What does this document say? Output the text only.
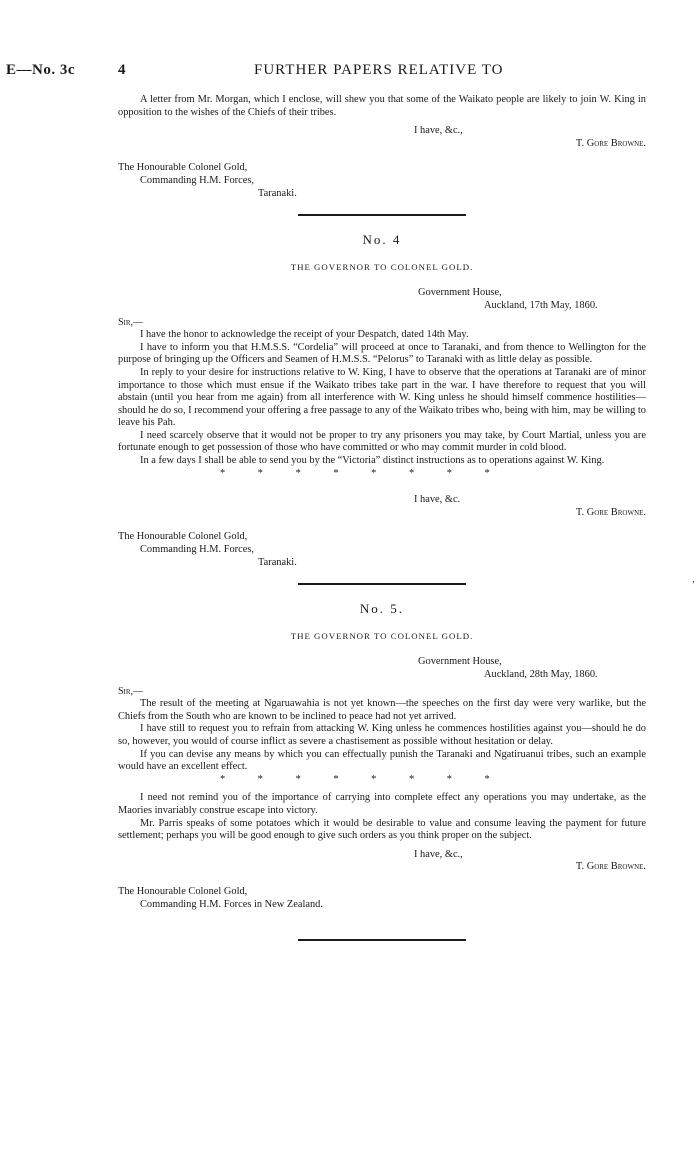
E—No. 3c	4	FURTHER PAPERS RELATIVE TO

A letter from Mr. Morgan, which I enclose, will shew you that some of the Waikato people are likely to join W. King in opposition to the wishes of the Chiefs of their tribes.

I have, &c.,
T. Gore Browne.
The Honourable Colonel Gold,
Commanding H.M. Forces,
Taranaki.
No. 4
THE GOVERNOR TO COLONEL GOLD.
Government House,
Auckland, 17th May, 1860.
Sir,—

I have the honor to acknowledge the receipt of your Despatch, dated 14th May.

I have to inform you that H.M.S.S. “Cordelia” will proceed at once to Taranaki, and from thence to Wellington for the purpose of bringing up the Officers and Seamen of H.M.S.S. “Pelorus” to Taranaki with as little delay as possible.

In reply to your desire for instructions relative to W. King, I have to observe that the operations at Taranaki are of minor importance to those which must ensue if the Waikato tribes take part in the war. I have therefore to request that you will abstain (until you hear from me again) from all interference with W. King unless he should himself commence hostilities—should he do so, I recommend your offering a free passage to any of the Waikato tribes who, being with him, may be willing to leave his Pah.

I need scarcely observe that it would not be proper to try any prisoners you may take, by Court Martial, unless you are fortunate enough to get possession of those who have committed or who may commit murder in cold blood.

In a few days I shall be able to send you by the “Victoria” distinct instructions as to operations against W. King.

* * * * * * * *
I have, &c.
T. Gore Browne.
The Honourable Colonel Gold,
Commanding H.M. Forces,
Taranaki.
No. 5.
THE GOVERNOR TO COLONEL GOLD.
Government House,
Auckland, 28th May, 1860.
Sir,—

The result of the meeting at Ngaruawahia is not yet known—the speeches on the first day were very warlike, but the Chiefs from the South who are known to be inclined to peace had not yet arrived.

I have still to request you to refrain from attacking W. King unless he commences hostilities against you—should he do so, however, you would of course inflict as severe a chastisement as possible without hesitation or delay.

If you can devise any means by which you can effectually punish the Taranaki and Ngatiruanui tribes, such an example would have an excellent effect.

* * * * * * * *

I need not remind you of the importance of carrying into complete effect any operations you may undertake, as the Maories invariably construe escape into victory.

Mr. Parris speaks of some potatoes which it would be desirable to value and consume leaving the payment for future settlement; perhaps you will be good enough to give such orders as you think proper on the subject.

I have, &c.,
T. Gore Browne.
The Honourable Colonel Gold,
Commanding H.M. Forces in New Zealand.
‚
